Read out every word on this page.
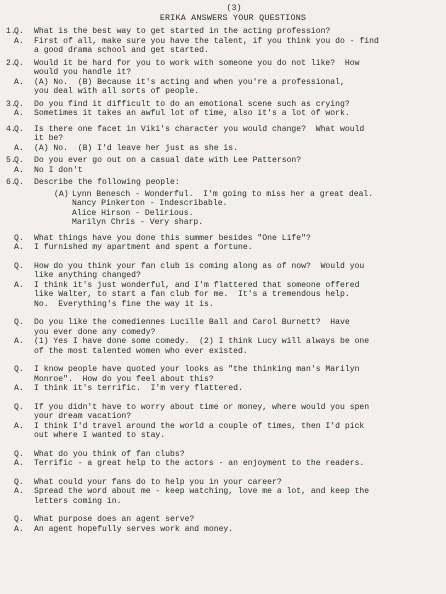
(3)
ERIKA ANSWERS YOUR QUESTIONS
1.
Q.	What is the best way to get started in the acting profession?
A.	First of all, make sure you have the talent, if you think you do - find
a good drama school and get started.
2.
Q.	Would it be hard for you to work with someone you do not like?  How
would you handle it?
A.	(A) No.  (B) Because it's acting and when you're a professional,
you deal with all sorts of people.
3.
Q.	Do you find it difficult to do an emotional scene such as crying?
A.	Sometimes it takes an awful lot of time, also it's a lot of work.
4.
Q.	Is there one facet in Viki's character you would change?  What would
it be?
A.	(A) No.  (B) I'd leave her just as she is.
5.
Q.	Do you ever go out on a casual date with Lee Patterson?
A.	No I don't
6.
Q.	Describe the following people:
(A) Lynn Benesch - Wonderful.  I'm going to miss her a great deal.
Nancy Pinkerton - Indescribable.
Alice Hirson - Delirious.
Marilyn Chris - Very sharp.
Q.	What things have you done this summer besides "One Life"?
A.	I furnished my apartment and spent a fortune.
Q.	How do you think your fan club is coming along as of now?  Would you
like anything changed?
A.	I think it's just wonderful, and I'm flattered that someone offered
like Walter, to start a fan club for me.  It's a tremendous help.
No.  Everything's fine the way it is.
Q.	Do you like the comediennes Lucille Ball and Carol Burnett?  Have
you ever done any comedy?
A.	(1) Yes I have done some comedy.  (2) I think Lucy will always be one
of the most talented women who ever existed.
Q.	I know people have quoted your looks as "the thinking man's Marilyn
Monroe".  How do you feel about this?
A.	I think it's terrific.  I'm very flattered.
Q.	If you didn't have to worry about time or money, where would you spen
your dream vacation?
A.	I think I'd travel around the world a couple of times, then I'd pick
out where I wanted to stay.
Q.	What do you think of fan clubs?
A.	Terrific - a great help to the actors - an enjoyment to the readers.
Q.	What could your fans do to help you in your career?
A.	Spread the word about me - keep watching, love me a lot, and keep the
letters coming in.
Q.	What purpose does an agent serve?
A.	An agent hopefully serves work and money.
